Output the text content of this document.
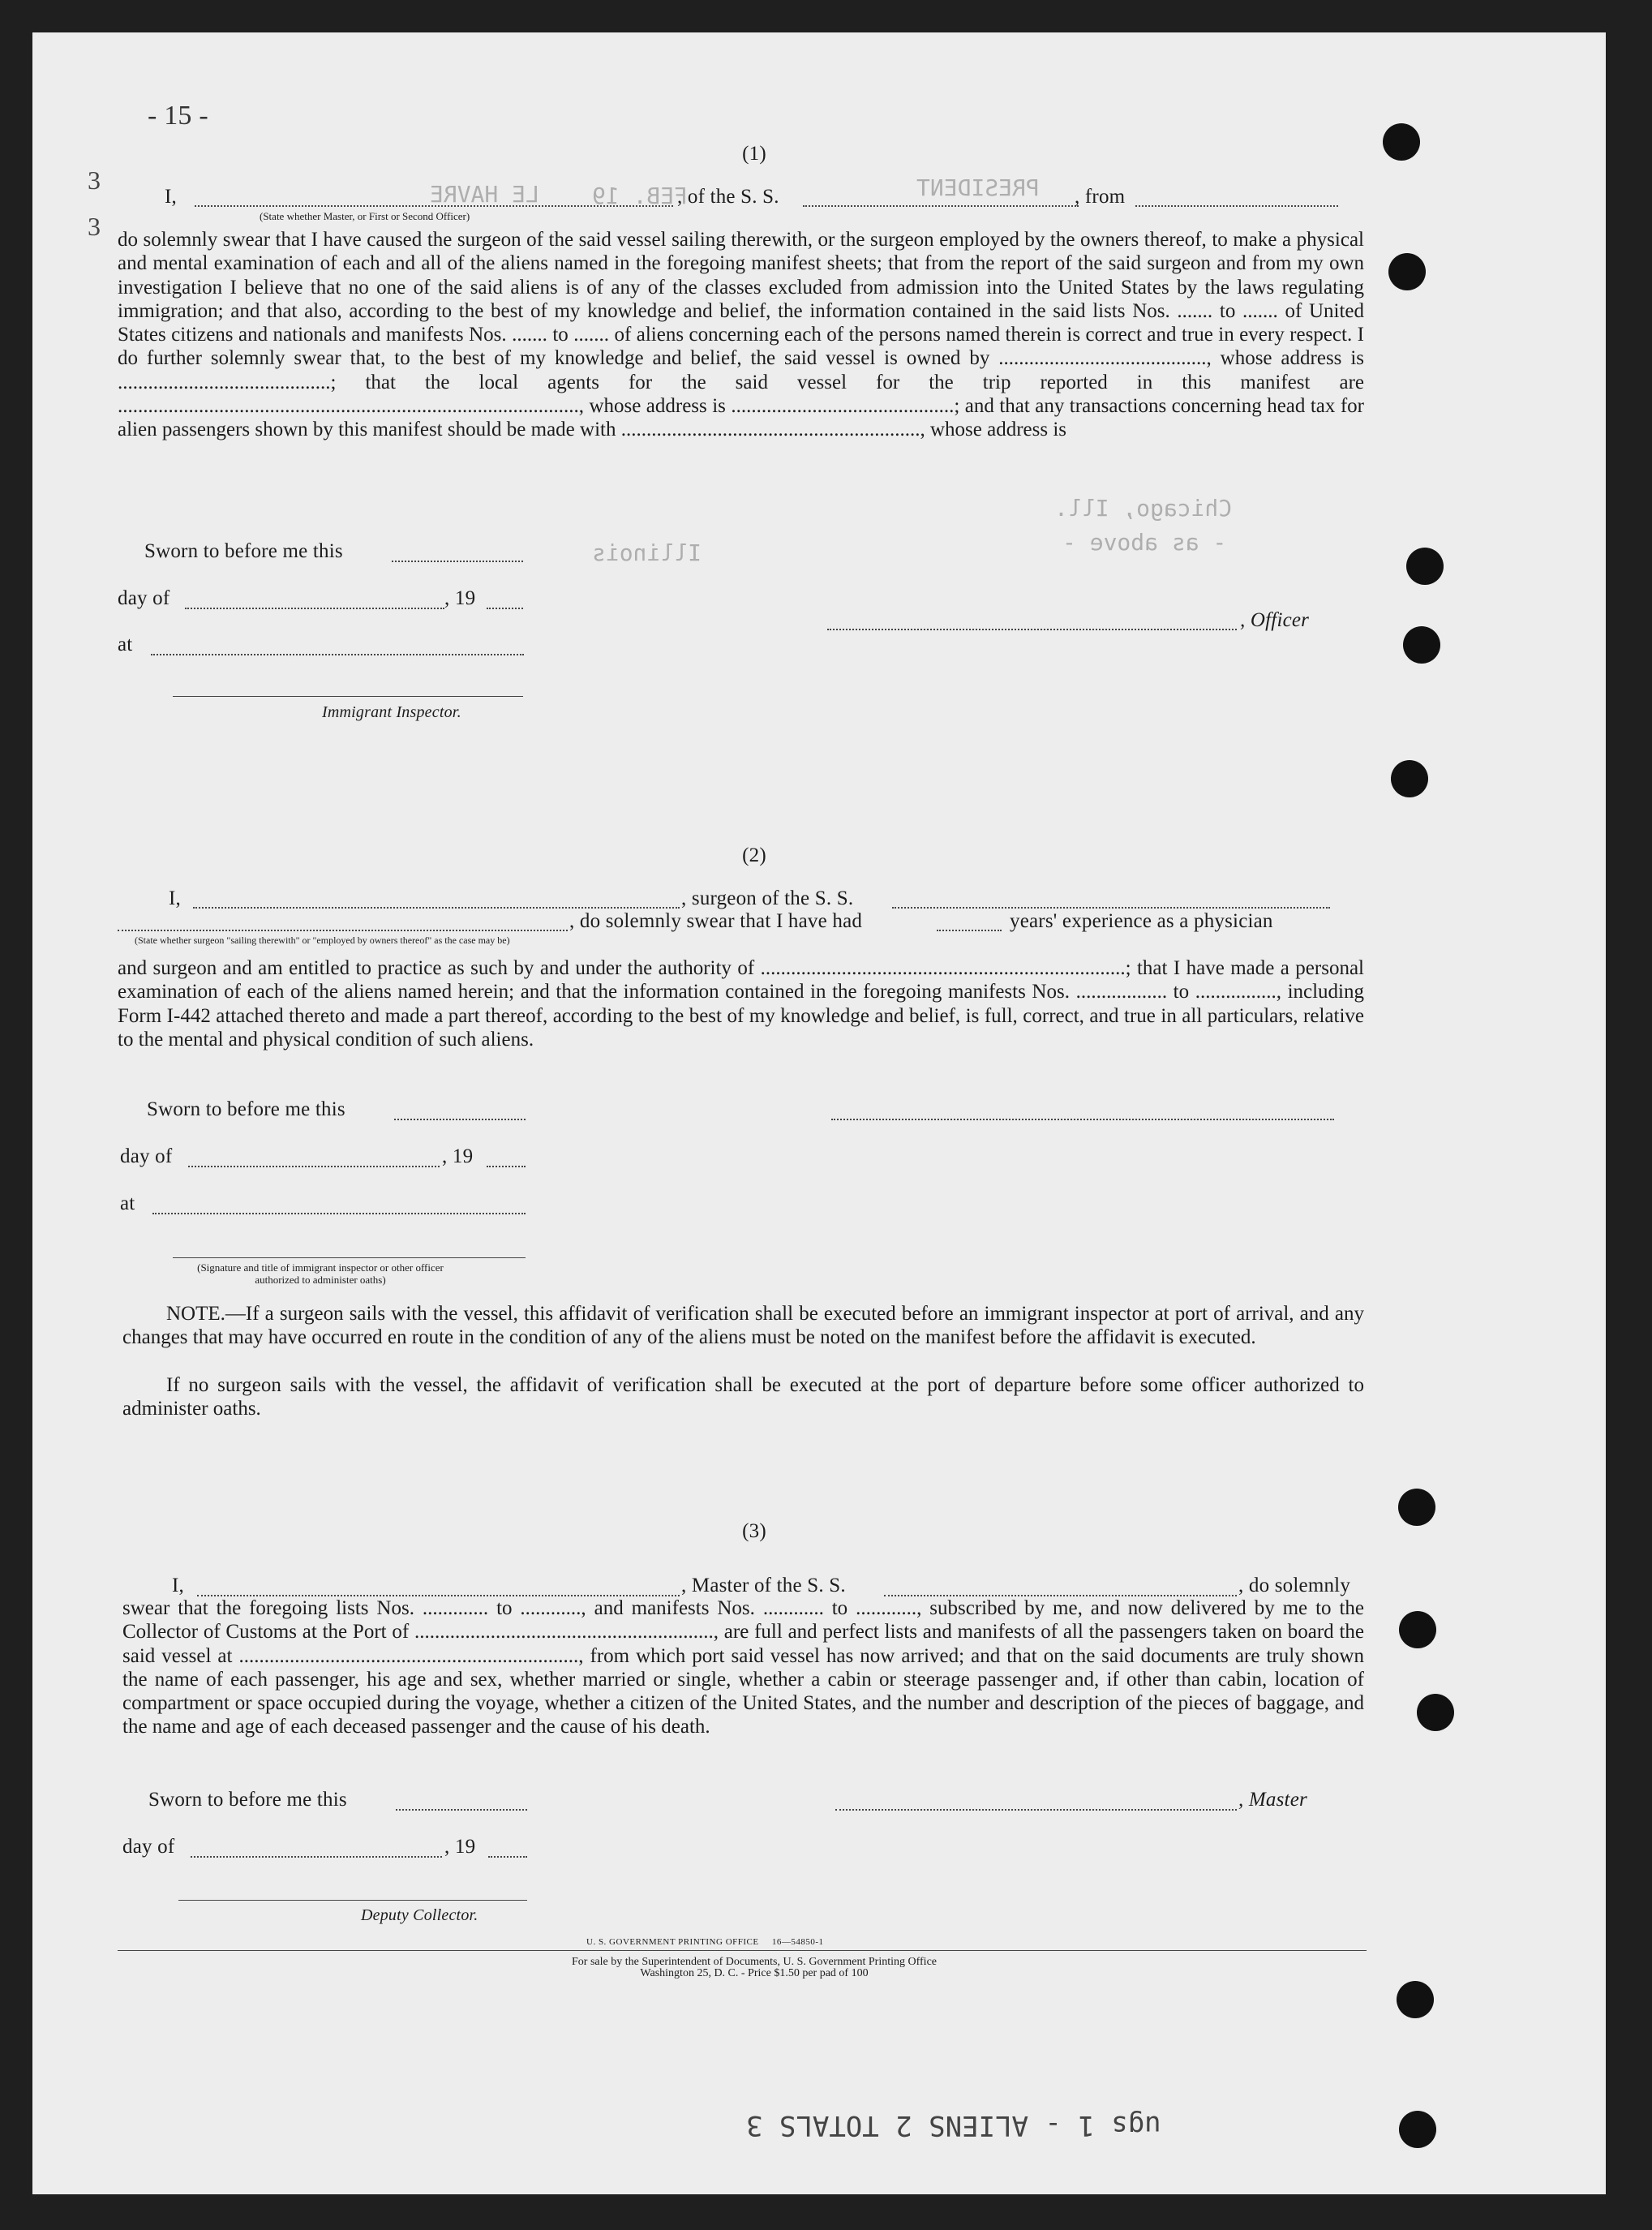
- 15 -
3
3
PRESIDENT
LE HAVRE FEB. 19
Chicago, Ill.
Illinois	- as above -
(1)
I,	, of the S. S.	, from
(State whether Master, or First or Second Officer)
do solemnly swear that I have caused the surgeon of the said vessel sailing therewith, or the surgeon employed by the owners thereof, to make a physical and mental examination of each and all of the aliens named in the foregoing manifest sheets; that from the report of the said surgeon and from my own investigation I believe that no one of the said aliens is of any of the classes excluded from admission into the United States by the laws regulating immigration; and that also, according to the best of my knowledge and belief, the information contained in the said lists Nos. ....... to ....... of United States citizens and nationals and manifests Nos. ....... to ....... of aliens concerning each of the persons named therein is correct and true in every respect. I do further solemnly swear that, to the best of my knowledge and belief, the said vessel is owned by ........................................., whose address is ..........................................; that the local agents for the said vessel for the trip reported in this manifest are ..........................................................................................., whose address is ............................................; and that any transactions concerning head tax for alien passengers shown by this manifest should be made with ..........................................................., whose address is
Sworn to before me this
day of	, 19
at
, Officer
Immigrant Inspector.
(2)
I,	, surgeon of the S. S.
, do solemnly swear that I have had	years' experience as a physician
(State whether surgeon "sailing therewith" or "employed by owners thereof" as the case may be)
and surgeon and am entitled to practice as such by and under the authority of ........................................................................; that I have made a personal examination of each of the aliens named herein; and that the information contained in the foregoing manifests Nos. .................. to ................, including Form I-442 attached thereto and made a part thereof, according to the best of my knowledge and belief, is full, correct, and true in all particulars, relative to the mental and physical condition of such aliens.
Sworn to before me this
day of	, 19
at
(Signature and title of immigrant inspector or other officer authorized to administer oaths)
NOTE.—If a surgeon sails with the vessel, this affidavit of verification shall be executed before an immigrant inspector at port of arrival, and any changes that may have occurred en route in the condition of any of the aliens must be noted on the manifest before the affidavit is executed.
If no surgeon sails with the vessel, the affidavit of verification shall be executed at the port of departure before some officer authorized to administer oaths.
(3)
I,	, Master of the S. S.	, do solemnly
swear that the foregoing lists Nos. ............. to ............, and manifests Nos. ............ to ............, subscribed by me, and now delivered by me to the Collector of Customs at the Port of ..........................................................., are full and perfect lists and manifests of all the passengers taken on board the said vessel at ..................................................................., from which port said vessel has now arrived; and that on the said documents are truly shown the name of each passenger, his age and sex, whether married or single, whether a cabin or steerage passenger and, if other than cabin, location of compartment or space occupied during the voyage, whether a citizen of the United States, and the number and description of the pieces of baggage, and the name and age of each deceased passenger and the cause of his death.
Sworn to before me this	, Master
day of	, 19
Deputy Collector.
U. S. GOVERNMENT PRINTING OFFICE     16—54850-1
For sale by the Superintendent of Documents, U. S. Government Printing Office
Washington 25, D. C. - Price $1.50 per pad of 100
ugs 1 - ALIENS 2 TOTALS 3
